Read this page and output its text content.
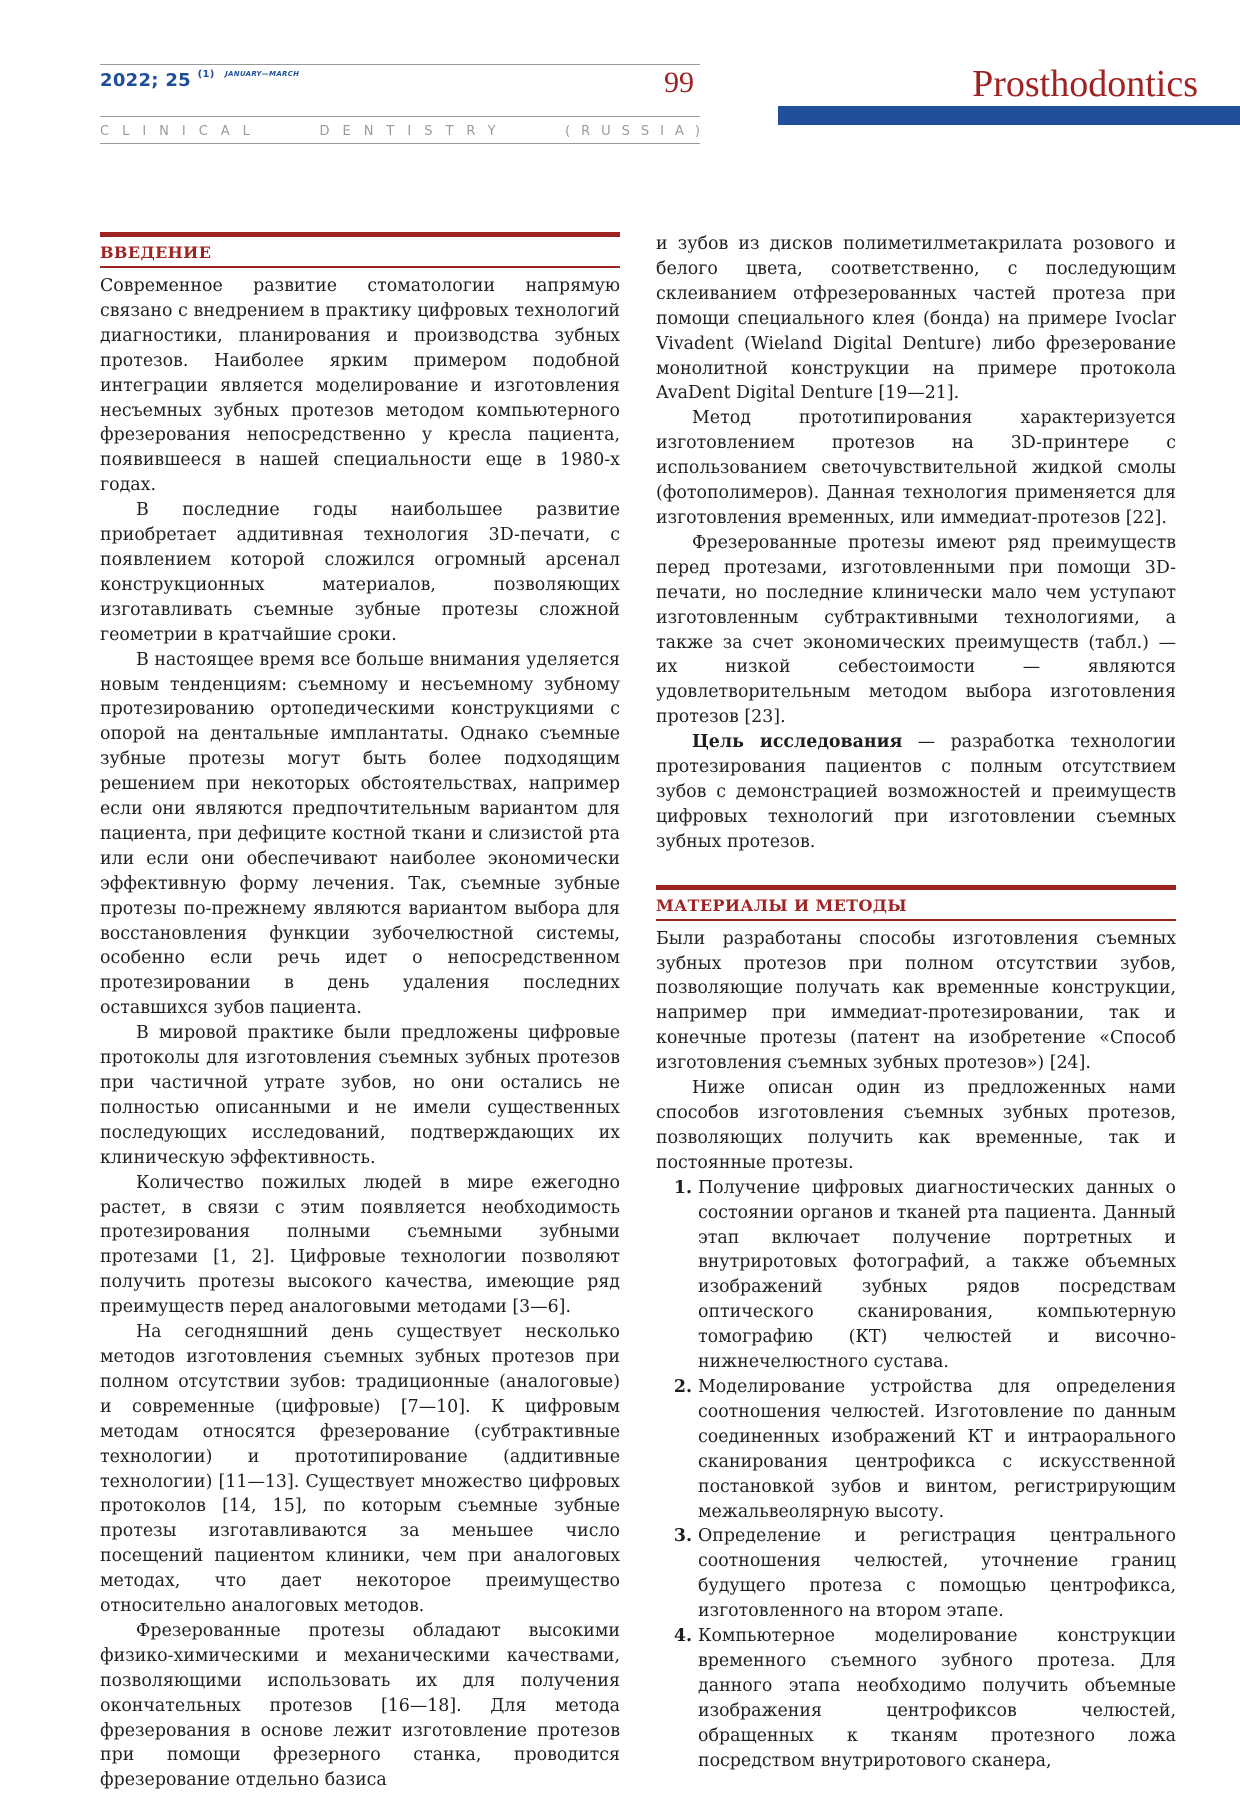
2022; 25 $^{(1)}$ $^{JANUARY—MARCH}$	99
CLINICAL	DENTISTRY	(RUSSIA)
Prosthodontics
ВВЕДЕНИЕ

Современное развитие стоматологии напрямую связано с внедрением в практику цифровых технологий диагностики, планирования и производства зубных протезов. Наиболее ярким примером подобной интеграции является моделирование и изготовления несъемных зубных протезов методом компьютерного фрезерования непосредственно у кресла пациента, появившееся в нашей специальности еще в 1980-х годах.

В последние годы наибольшее развитие приобретает аддитивная технология 3D-печати, с появлением которой сложился огромный арсенал конструкционных материалов, позволяющих изготавливать съемные зубные протезы сложной геометрии в кратчайшие сроки.

В настоящее время все больше внимания уделяется новым тенденциям: съемному и несъемному зубному протезированию ортопедическими конструкциями с опорой на дентальные имплантаты. Однако съемные зубные протезы могут быть более подходящим решением при некоторых обстоятельствах, например если они являются предпочтительным вариантом для пациента, при дефиците костной ткани и слизистой рта или если они обеспечивают наиболее экономически эффективную форму лечения. Так, съемные зубные протезы по-прежнему являются вариантом выбора для восстановления функции зубочелюстной системы, особенно если речь идет о непосредственном протезировании в день удаления последних оставшихся зубов пациента.

В мировой практике были предложены цифровые протоколы для изготовления съемных зубных протезов при частичной утрате зубов, но они остались не полностью описанными и не имели существенных последующих исследований, подтверждающих их клиническую эффективность.

Количество пожилых людей в мире ежегодно растет, в связи с этим появляется необходимость протезирования полными съемными зубными протезами [1, 2]. Цифровые технологии позволяют получить протезы высокого качества, имеющие ряд преимуществ перед аналоговыми методами [3—6].

На сегодняшний день существует несколько методов изготовления съемных зубных протезов при полном отсутствии зубов: традиционные (аналоговые) и современные (цифровые) [7—10]. К цифровым методам относятся фрезерование (субтрактивные технологии) и прототипирование (аддитивные технологии) [11—13]. Существует множество цифровых протоколов [14, 15], по которым съемные зубные протезы изготавливаются за меньшее число посещений пациентом клиники, чем при аналоговых методах, что дает некоторое преимущество относительно аналоговых методов.

Фрезерованные протезы обладают высокими физико-химическими и механическими качествами, позволяющими использовать их для получения окончательных протезов [16—18]. Для метода фрезерования в основе лежит изготовление протезов при помощи фрезерного станка, проводится фрезерование отдельно базиса

и зубов из дисков полиметилметакрилата розового и белого цвета, соответственно, с последующим склеиванием отфрезерованных частей протеза при помощи специального клея (бонда) на примере Ivoclar Vivadent (Wieland Digital Denture) либо фрезерование монолитной конструкции на примере протокола AvaDent Digital Denture [19—21].

Метод прототипирования характеризуется изготовлением протезов на 3D-принтере с использованием светочувствительной жидкой смолы (фотополимеров). Данная технология применяется для изготовления временных, или иммедиат-протезов [22].

Фрезерованные протезы имеют ряд преимуществ перед протезами, изготовленными при помощи 3D-печати, но последние клинически мало чем уступают изготовленным субтрактивными технологиями, а также за счет экономических преимуществ (табл.) — их низкой себестоимости — являются удовлетворительным методом выбора изготовления протезов [23].

Цель исследования — разработка технологии протезирования пациентов с полным отсутствием зубов с демонстрацией возможностей и преимуществ цифровых технологий при изготовлении съемных зубных протезов.

МАТЕРИАЛЫ И МЕТОДЫ

Были разработаны способы изготовления съемных зубных протезов при полном отсутствии зубов, позволяющие получать как временные конструкции, например при иммедиат-протезировании, так и конечные протезы (патент на изобретение «Способ изготовления съемных зубных протезов») [24].

Ниже описан один из предложенных нами способов изготовления съемных зубных протезов, позволяющих получить как временные, так и постоянные протезы.

1. Получение цифровых диагностических данных о состоянии органов и тканей рта пациента. Данный этап включает получение портретных и внутриротовых фотографий, а также объемных изображений зубных рядов посредствам оптического сканирования, компьютерную томографию (КТ) челюстей и височно-нижнечелюстного сустава.
2. Моделирование устройства для определения соотношения челюстей. Изготовление по данным соединенных изображений КТ и интраорального сканирования центрофикса с искусственной постановкой зубов и винтом, регистрирующим межальвеолярную высоту.
3. Определение и регистрация центрального соотношения челюстей, уточнение границ будущего протеза с помощью центрофикса, изготовленного на втором этапе.
4. Компьютерное моделирование конструкции временного съемного зубного протеза. Для данного этапа необходимо получить объемные изображения центрофиксов челюстей, обращенных к тканям протезного ложа посредством внутриротового сканера,
